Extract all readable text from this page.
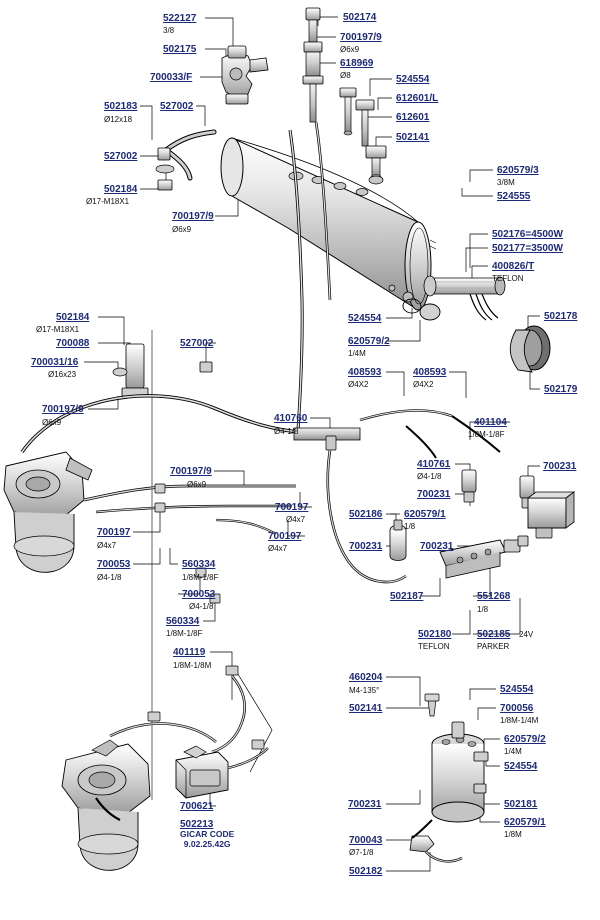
522127
3/8
502175
700033/F
502174
700197/9
Ø6x9
618969
Ø8	524554
612601/L
612601
502141
502183 527002
Ø12x18
527002
502184
Ø17-M18X1
700197/9
Ø6x9
620579/3
3/8M
524555
502176=4500W
502177=3500W
400826/T
TEFLON
502178
502179
524554
620579/2
1/4M
408593
Ø4X2
408593
Ø4X2
502184
Ø17-M18X1
700088
700031/16
Ø16x23
527002
700197/9
Ø6x9	410760
Ø4-1/8
401104
1/8M-1/8F
410761
Ø4-1/8
700231
700231
700197/9
Ø6x9
700197
Ø4x7
700197
Ø4x7
502186 620579/1
1/8
700231	700231
700197
Ø4x7
700053
Ø4-1/8
560334
1/8M-1/8F
700053
Ø4-1/8
560334
1/8M-1/8F
401119
1/8M-1/8M
502187	551268
1/8
502180
TEFLON
502185 24V
PARKER
460204
M4-135°
502141
524554
700056
1/8M-1/4M
620579/2
1/4M
524554
700231	502181
620579/1
1/8M
700043
Ø7-1/8
502182
700621
502213
GICAR CODE
9.02.25.42G
